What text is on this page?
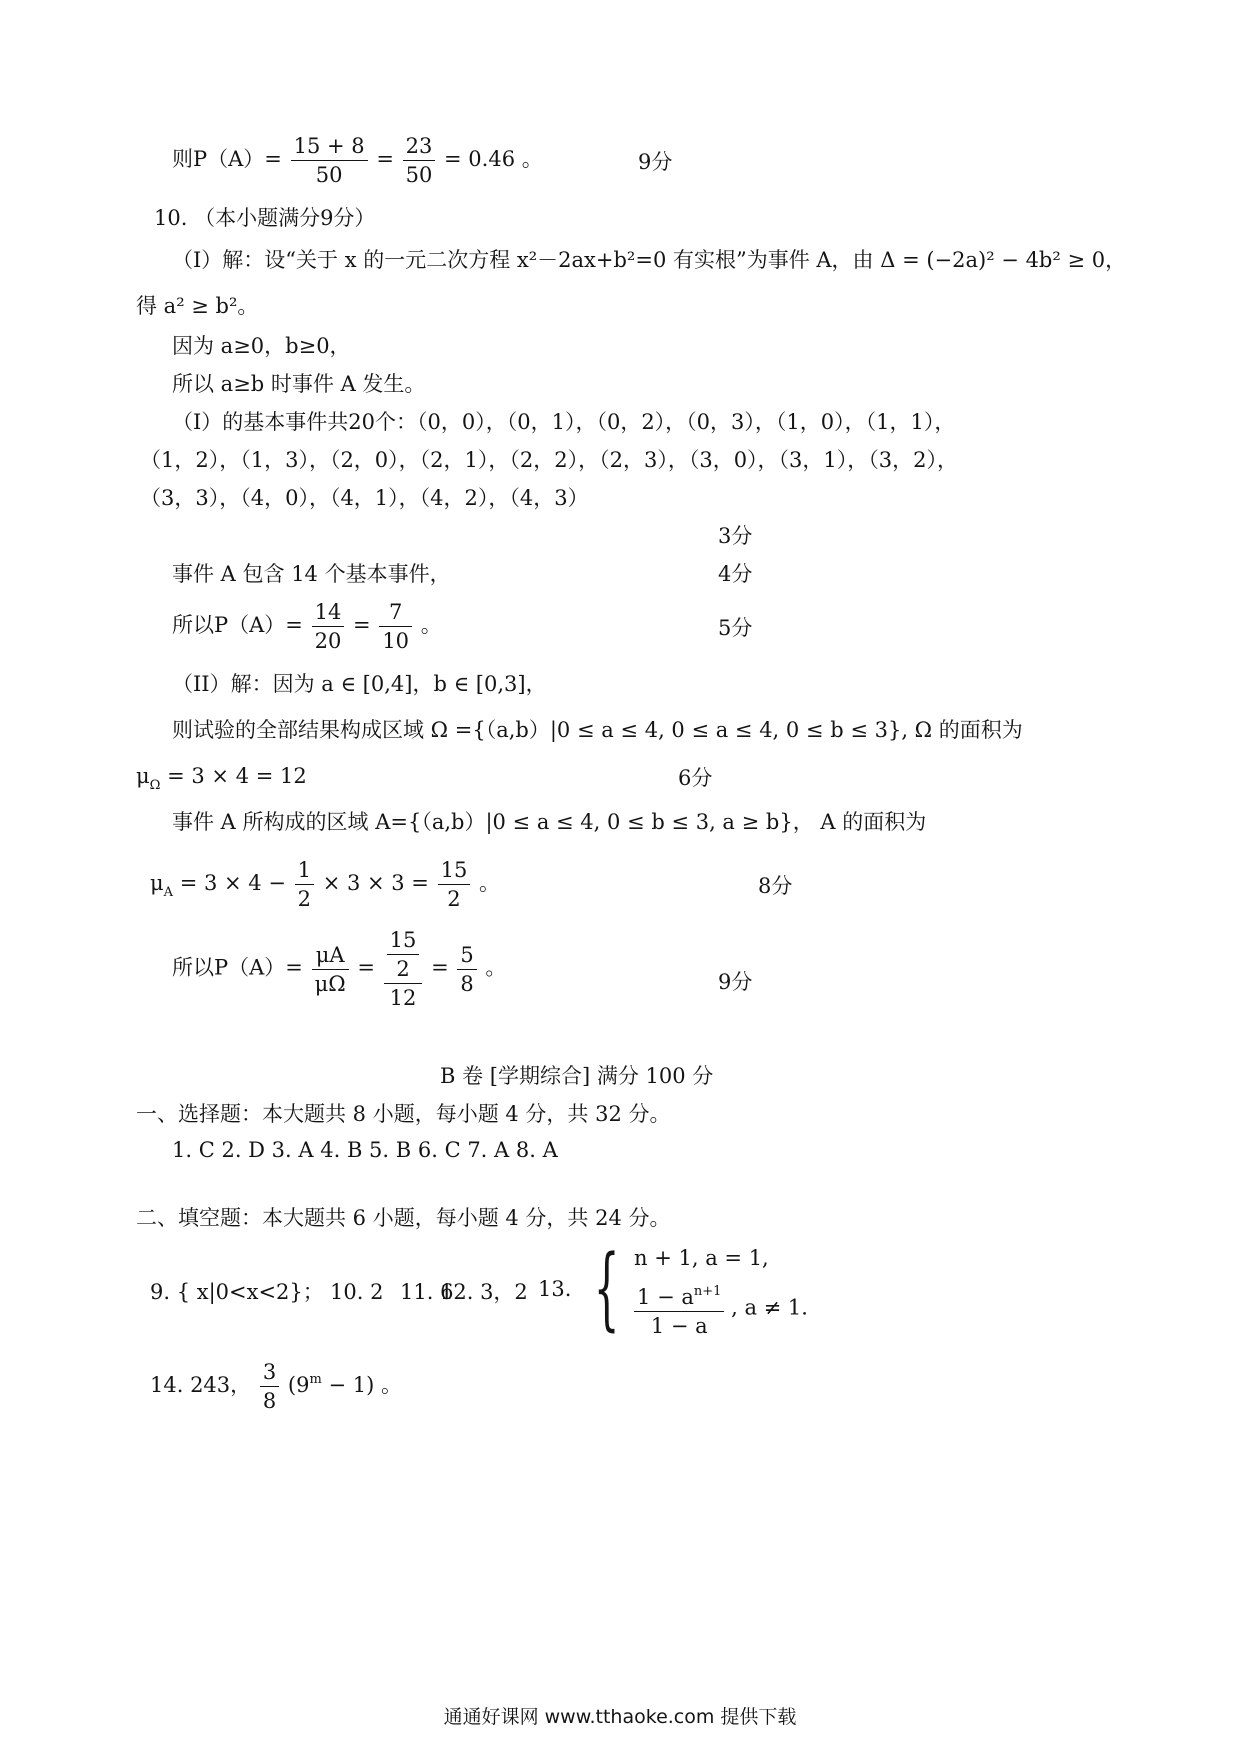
则$P(A)= \frac{15 + 8}{50} = \frac{23}{50} = 0.46$ 。	9分
10. （本小题满分9分）
（I）解：设“关于 x 的一元二次方程 x²－2ax+b²=0 有实根”为事件 A，由 Δ = (−2a)² − 4b² ≥ 0，
得 a² ≥ b²。
因为 a≥0，b≥0，
所以 a≥b 时事件 A 发生。
（I）的基本事件共20个：（0，0），（0，1），（0，2），（0，3），（1，0），（1，1），
（1，2），（1，3），（2，0），（2，1），（2，2），（2，3），（3，0），（3，1），（3，2），
（3，3），（4，0），（4，1），（4，2），（4，3）
3分
事件 A 包含 14 个基本事件，	4分
所以$P(A)= \frac{14}{20} = \frac{7}{10}$ 。	5分
（II）解：因为 a ∈ [0,4]，b ∈ [0,3]，
则试验的全部结果构成区域 Ω ={（a,b）|0 ≤ a ≤ 4, 0 ≤ a ≤ 4, 0 ≤ b ≤ 3}, Ω 的面积为
$\mu_\Omega = 3 \times 4 = 12$	6分
事件 A 所构成的区域 A={（a,b）|0 ≤ a ≤ 4, 0 ≤ b ≤ 3, a ≥ b}， A 的面积为
$\mu_A = 3 \times 4 - \frac{1}{2} \times 3 \times 3 = \frac{15}{2}$ 。	8分
所以$P(A)= \frac{\mu A}{\mu\Omega} = \frac{\frac{15}{2}}{12} = \frac{5}{8}$ 。
9分
B 卷 [学期综合] 满分 100 分
一、选择题：本大题共 8 小题，每小题 4 分，共 32 分。
1. C 2. D 3. A 4. B 5. B 6. C 7. A 8. A
二、填空题：本大题共 6 小题，每小题 4 分，共 24 分。
9. { x|0<x<2}； 10. 2 11. 6
12. 3，2 13. { n + 1, a = 1,
$\frac{1 - a^{n+1}}{1 - a}$ , a ≠ 1.
14. 243， $\frac{3}{8} (9^m - 1)$ 。
通通好课网 www.tthaoke.com 提供下载
